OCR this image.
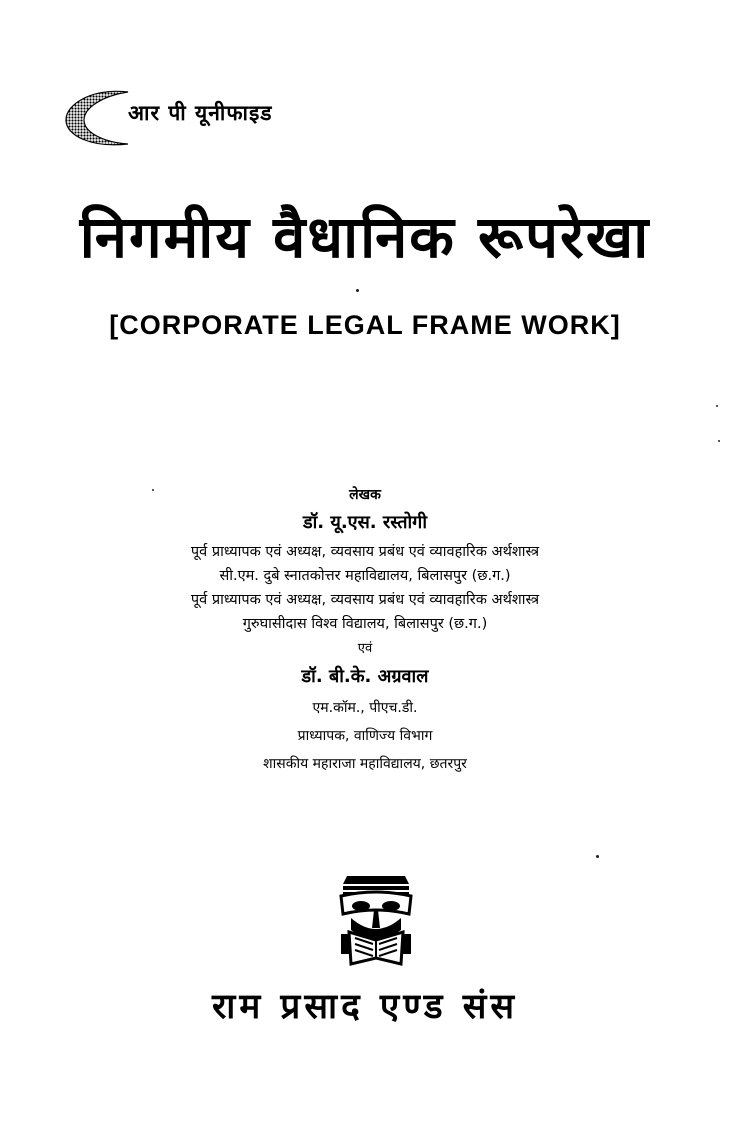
आर पी यूनीफाइड
निगमीय वैधानिक रूपरेखा
[CORPORATE LEGAL FRAME WORK]
लेखक
डॉ. यू.एस. रस्तोगी
पूर्व प्राध्यापक एवं अध्यक्ष, व्यवसाय प्रबंध एवं व्यावहारिक अर्थशास्त्र
सी.एम. दुबे स्नातकोत्तर महाविद्यालय, बिलासपुर (छ.ग.)
पूर्व प्राध्यापक एवं अध्यक्ष, व्यवसाय प्रबंध एवं व्यावहारिक अर्थशास्त्र
गुरुघासीदास विश्व विद्यालय, बिलासपुर (छ.ग.)
एवं
डॉ. बी.के. अग्रवाल
एम.कॉम., पीएच.डी.
प्राध्यापक, वाणिज्य विभाग
शासकीय महाराजा महाविद्यालय, छतरपुर
राम प्रसाद एण्ड संस
